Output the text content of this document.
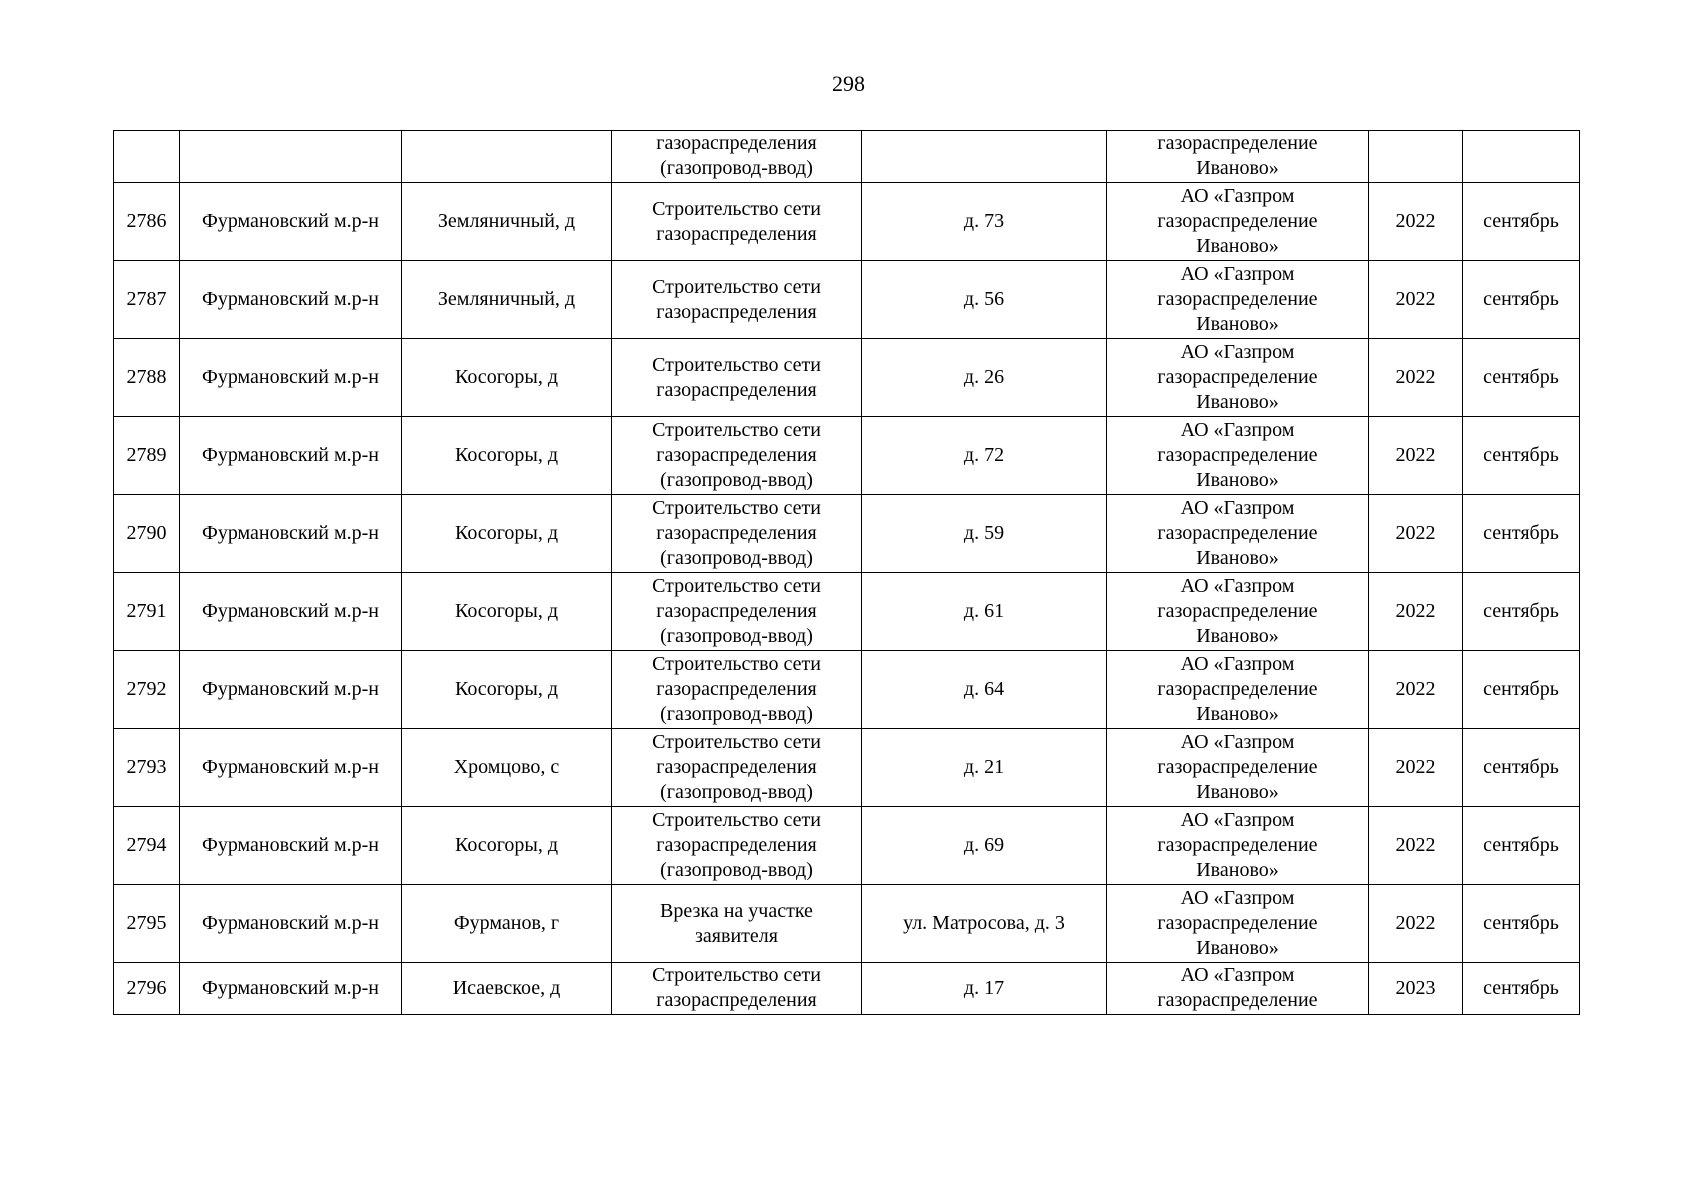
298
			газораспределения
(газопровод-ввод)		газораспределение
Иваново»		
2786	Фурмановский м.р-н	Земляничный, д	Строительство сети
газораспределения	д. 73	АО «Газпром
газораспределение
Иваново»	2022	сентябрь
2787	Фурмановский м.р-н	Земляничный, д	Строительство сети
газораспределения	д. 56	АО «Газпром
газораспределение
Иваново»	2022	сентябрь
2788	Фурмановский м.р-н	Косогоры, д	Строительство сети
газораспределения	д. 26	АО «Газпром
газораспределение
Иваново»	2022	сентябрь
2789	Фурмановский м.р-н	Косогоры, д	Строительство сети
газораспределения
(газопровод-ввод)	д. 72	АО «Газпром
газораспределение
Иваново»	2022	сентябрь
2790	Фурмановский м.р-н	Косогоры, д	Строительство сети
газораспределения
(газопровод-ввод)	д. 59	АО «Газпром
газораспределение
Иваново»	2022	сентябрь
2791	Фурмановский м.р-н	Косогоры, д	Строительство сети
газораспределения
(газопровод-ввод)	д. 61	АО «Газпром
газораспределение
Иваново»	2022	сентябрь
2792	Фурмановский м.р-н	Косогоры, д	Строительство сети
газораспределения
(газопровод-ввод)	д. 64	АО «Газпром
газораспределение
Иваново»	2022	сентябрь
2793	Фурмановский м.р-н	Хромцово, с	Строительство сети
газораспределения
(газопровод-ввод)	д. 21	АО «Газпром
газораспределение
Иваново»	2022	сентябрь
2794	Фурмановский м.р-н	Косогоры, д	Строительство сети
газораспределения
(газопровод-ввод)	д. 69	АО «Газпром
газораспределение
Иваново»	2022	сентябрь
2795	Фурмановский м.р-н	Фурманов, г	Врезка на участке
заявителя	ул. Матросова, д. 3	АО «Газпром
газораспределение
Иваново»	2022	сентябрь
2796	Фурмановский м.р-н	Исаевское, д	Строительство сети
газораспределения	д. 17	АО «Газпром
газораспределение	2023	сентябрь
